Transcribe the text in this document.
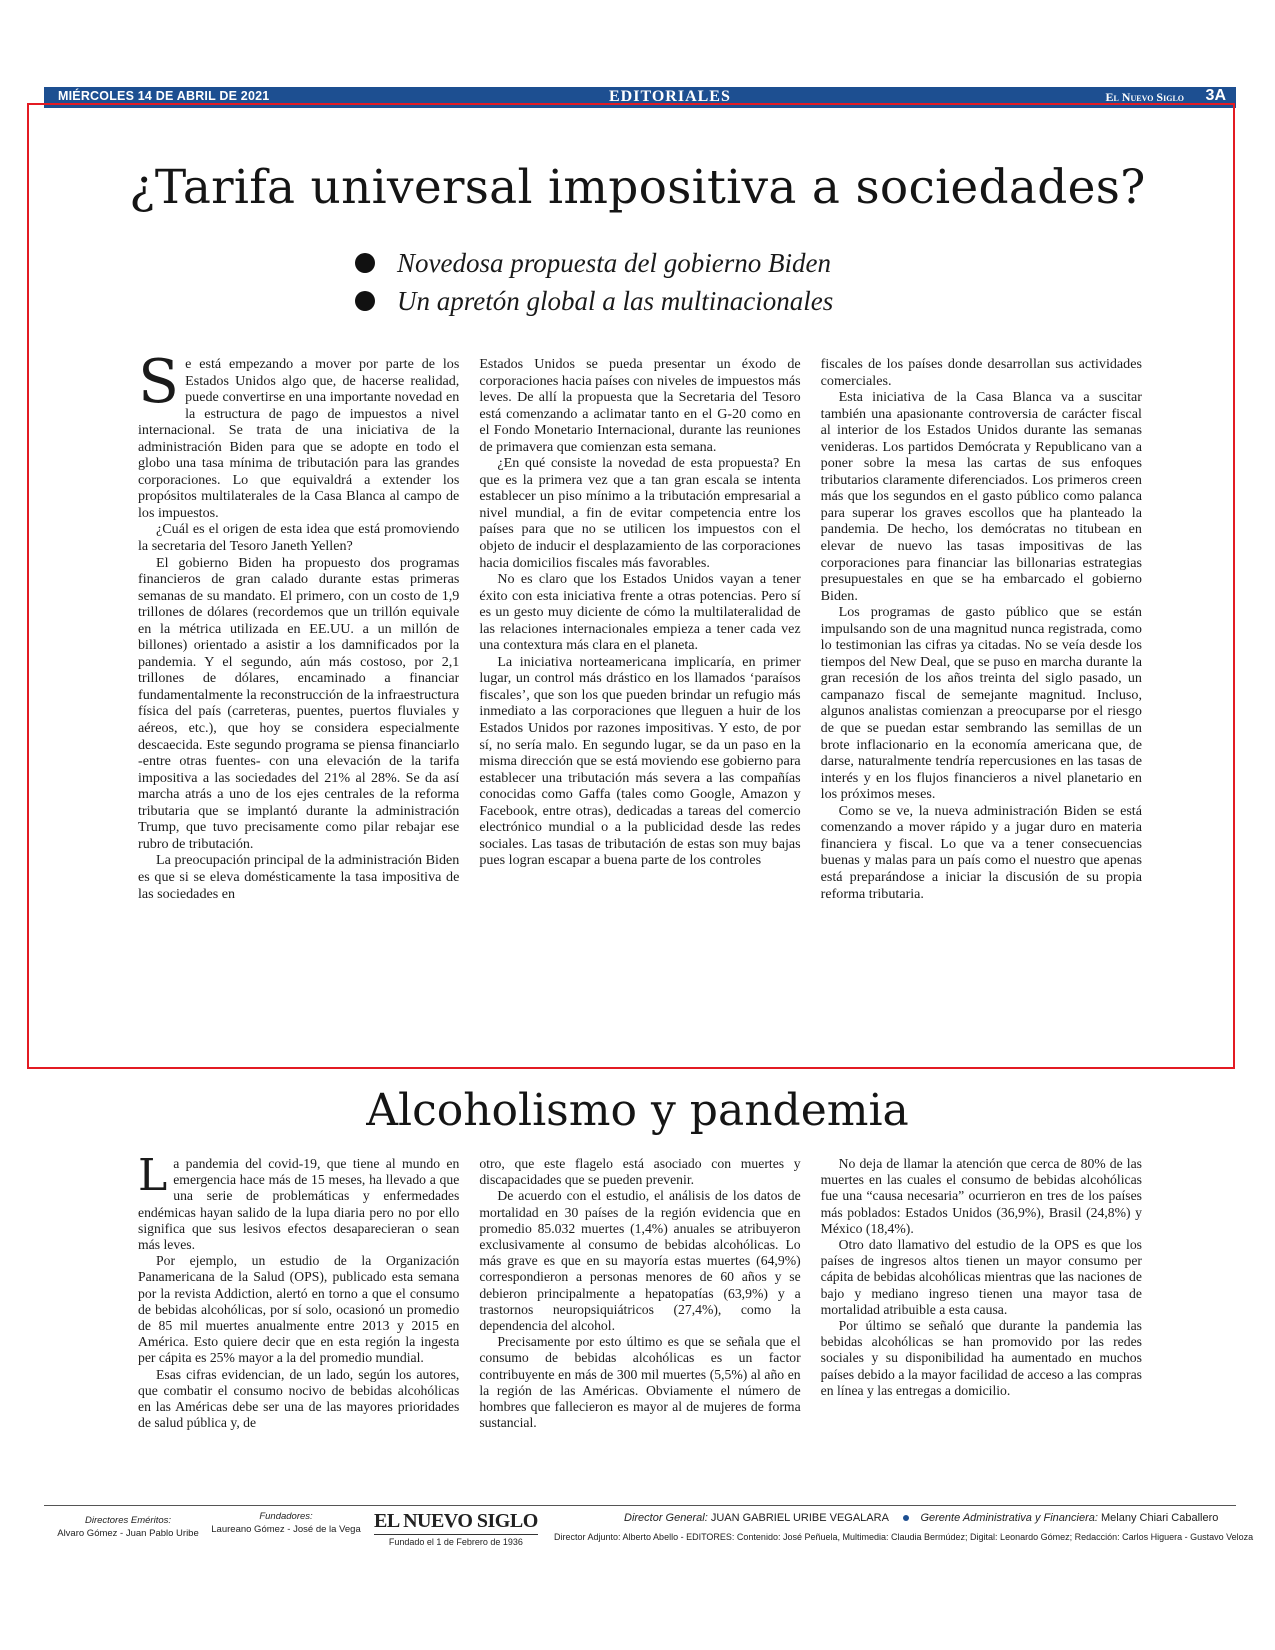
MIÉRCOLES 14 DE ABRIL DE 2021	EDITORIALES	El Nuevo Siglo 3A
¿Tarifa universal impositiva a sociedades?
Novedosa propuesta del gobierno Biden
Un apretón global a las multinacionales

Se está empezando a mover por parte de los Estados Unidos algo que, de hacerse realidad, puede convertirse en una importante novedad en la estructura de pago de impuestos a nivel internacional. Se trata de una iniciativa de la administración Biden para que se adopte en todo el globo una tasa mínima de tributación para las grandes corporaciones. Lo que equivaldrá a extender los propósitos multilaterales de la Casa Blanca al campo de los impuestos.

¿Cuál es el origen de esta idea que está promoviendo la secretaria del Tesoro Janeth Yellen?

El gobierno Biden ha propuesto dos programas financieros de gran calado durante estas primeras semanas de su mandato. El primero, con un costo de 1,9 trillones de dólares (recordemos que un trillón equivale en la métrica utilizada en EE.UU. a un millón de billones) orientado a asistir a los damnificados por la pandemia. Y el segundo, aún más costoso, por 2,1 trillones de dólares, encaminado a financiar fundamentalmente la reconstrucción de la infraestructura física del país (carreteras, puentes, puertos fluviales y aéreos, etc.), que hoy se considera especialmente descaecida. Este segundo programa se piensa financiarlo -entre otras fuentes- con una elevación de la tarifa impositiva a las sociedades del 21% al 28%. Se da así marcha atrás a uno de los ejes centrales de la reforma tributaria que se implantó durante la administración Trump, que tuvo precisamente como pilar rebajar ese rubro de tributación.

La preocupación principal de la administración Biden es que si se eleva domésticamente la tasa impositiva de las sociedades en

Estados Unidos se pueda presentar un éxodo de corporaciones hacia países con niveles de impuestos más leves. De allí la propuesta que la Secretaria del Tesoro está comenzando a aclimatar tanto en el G-20 como en el Fondo Monetario Internacional, durante las reuniones de primavera que comienzan esta semana.

¿En qué consiste la novedad de esta propuesta? En que es la primera vez que a tan gran escala se intenta establecer un piso mínimo a la tributación empresarial a nivel mundial, a fin de evitar competencia entre los países para que no se utilicen los impuestos con el objeto de inducir el desplazamiento de las corporaciones hacia domicilios fiscales más favorables.

No es claro que los Estados Unidos vayan a tener éxito con esta iniciativa frente a otras potencias. Pero sí es un gesto muy diciente de cómo la multilateralidad de las relaciones internacionales empieza a tener cada vez una contextura más clara en el planeta.

La iniciativa norteamericana implicaría, en primer lugar, un control más drástico en los llamados ‘paraísos fiscales’, que son los que pueden brindar un refugio más inmediato a las corporaciones que lleguen a huir de los Estados Unidos por razones impositivas. Y esto, de por sí, no sería malo. En segundo lugar, se da un paso en la misma dirección que se está moviendo ese gobierno para establecer una tributación más severa a las compañías conocidas como Gaffa (tales como Google, Amazon y Facebook, entre otras), dedicadas a tareas del comercio electrónico mundial o a la publicidad desde las redes sociales. Las tasas de tributación de estas son muy bajas pues logran escapar a buena parte de los controles

fiscales de los países donde desarrollan sus actividades comerciales.

Esta iniciativa de la Casa Blanca va a suscitar también una apasionante controversia de carácter fiscal al interior de los Estados Unidos durante las semanas venideras. Los partidos Demócrata y Republicano van a poner sobre la mesa las cartas de sus enfoques tributarios claramente diferenciados. Los primeros creen más que los segundos en el gasto público como palanca para superar los graves escollos que ha planteado la pandemia. De hecho, los demócratas no titubean en elevar de nuevo las tasas impositivas de las corporaciones para financiar las billonarias estrategias presupuestales en que se ha embarcado el gobierno Biden.

Los programas de gasto público que se están impulsando son de una magnitud nunca registrada, como lo testimonian las cifras ya citadas. No se veía desde los tiempos del New Deal, que se puso en marcha durante la gran recesión de los años treinta del siglo pasado, un campanazo fiscal de semejante magnitud. Incluso, algunos analistas comienzan a preocuparse por el riesgo de que se puedan estar sembrando las semillas de un brote inflacionario en la economía americana que, de darse, naturalmente tendría repercusiones en las tasas de interés y en los flujos financieros a nivel planetario en los próximos meses.

Como se ve, la nueva administración Biden se está comenzando a mover rápido y a jugar duro en materia financiera y fiscal. Lo que va a tener consecuencias buenas y malas para un país como el nuestro que apenas está preparándose a iniciar la discusión de su propia reforma tributaria.

Alcoholismo y pandemia

La pandemia del covid-19, que tiene al mundo en emergencia hace más de 15 meses, ha llevado a que una serie de problemáticas y enfermedades endémicas hayan salido de la lupa diaria pero no por ello significa que sus lesivos efectos desaparecieran o sean más leves.

Por ejemplo, un estudio de la Organización Panamericana de la Salud (OPS), publicado esta semana por la revista Addiction, alertó en torno a que el consumo de bebidas alcohólicas, por sí solo, ocasionó un promedio de 85 mil muertes anualmente entre 2013 y 2015 en América. Esto quiere decir que en esta región la ingesta per cápita es 25% mayor a la del promedio mundial.

Esas cifras evidencian, de un lado, según los autores, que combatir el consumo nocivo de bebidas alcohólicas en las Américas debe ser una de las mayores prioridades de salud pública y, de

otro, que este flagelo está asociado con muertes y discapacidades que se pueden prevenir.

De acuerdo con el estudio, el análisis de los datos de mortalidad en 30 países de la región evidencia que en promedio 85.032 muertes (1,4%) anuales se atribuyeron exclusivamente al consumo de bebidas alcohólicas. Lo más grave es que en su mayoría estas muertes (64,9%) correspondieron a personas menores de 60 años y se debieron principalmente a hepatopatías (63,9%) y a trastornos neuropsiquiátricos (27,4%), como la dependencia del alcohol.

Precisamente por esto último es que se señala que el consumo de bebidas alcohólicas es un factor contribuyente en más de 300 mil muertes (5,5%) al año en la región de las Américas. Obviamente el número de hombres que fallecieron es mayor al de mujeres de forma sustancial.

No deja de llamar la atención que cerca de 80% de las muertes en las cuales el consumo de bebidas alcohólicas fue una “causa necesaria” ocurrieron en tres de los países más poblados: Estados Unidos (36,9%), Brasil (24,8%) y México (18,4%).

Otro dato llamativo del estudio de la OPS es que los países de ingresos altos tienen un mayor consumo per cápita de bebidas alcohólicas mientras que las naciones de bajo y mediano ingreso tienen una mayor tasa de mortalidad atribuible a esta causa.

Por último se señaló que durante la pandemia las bebidas alcohólicas se han promovido por las redes sociales y su disponibilidad ha aumentado en muchos países debido a la mayor facilidad de acceso a las compras en línea y las entregas a domicilio.

Directores Eméritos:
Alvaro Gómez - Juan Pablo Uribe
Fundadores:
Laureano Gómez - José de la Vega EL NUEVO SIGLO
Fundado el 1 de Febrero de 1936
Director General: JUAN GABRIEL URIBE VEGALARA	Gerente Administrativa y Financiera: Melany Chiari Caballero
Director Adjunto: Alberto Abello - EDITORES: Contenido: José Peñuela, Multimedia: Claudia Bermúdez; Digital: Leonardo Gómez; Redacción: Carlos Higuera - Gustavo Veloza
